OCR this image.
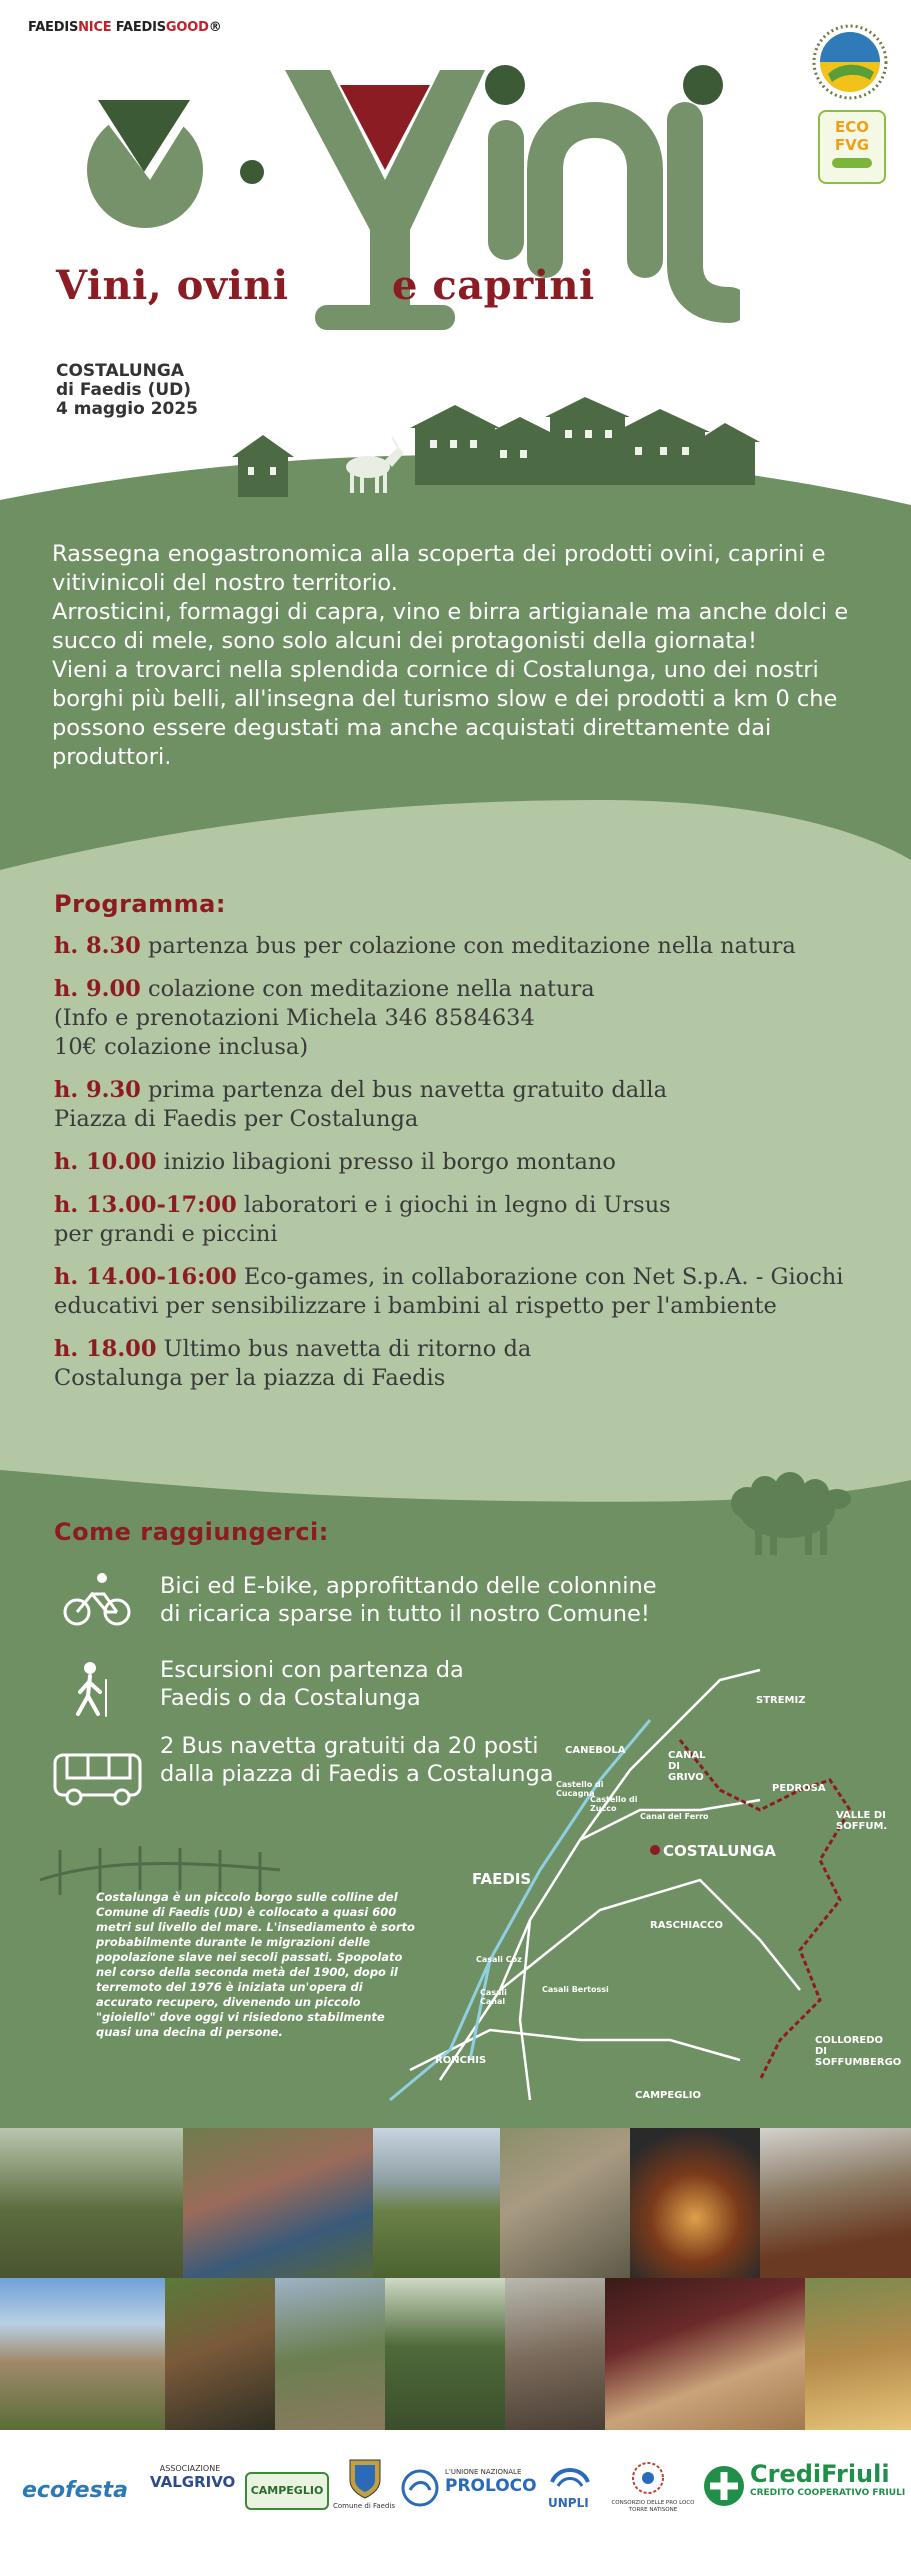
FAEDISNICE FAEDISGOOD®
Vini, ovini	e caprini
COSTALUNGA
di Faedis (UD)
4 maggio 2025
ECO
FVG

Rassegna enogastronomica alla scoperta dei prodotti ovini, caprini e vitivinicoli del nostro territorio.

Arrosticini, formaggi di capra, vino e birra artigianale ma anche dolci e succo di mele, sono solo alcuni dei protagonisti della giornata!

Vieni a trovarci nella splendida cornice di Costalunga, uno dei nostri borghi più belli, all'insegna del turismo slow e dei prodotti a km 0 che possono essere degustati ma anche acquistati direttamente dai produttori.

Programma:
h. 8.30 partenza bus per colazione con meditazione nella natura
h. 9.00 colazione con meditazione nella natura
(Info e prenotazioni Michela 346 8584634 10€ colazione inclusa)
h. 9.30 prima partenza del bus navetta gratuito dalla Piazza di Faedis per Costalunga
h. 10.00 inizio libagioni presso il borgo montano
h. 13.00-17:00 laboratori e i giochi in legno di Ursus per grandi e piccini
h. 14.00-16:00 Eco-games, in collaborazione con Net S.p.A. - Giochi educativi per sensibilizzare i bambini al rispetto per l'ambiente
h. 18.00 Ultimo bus navetta di ritorno da Costalunga per la piazza di Faedis
Come raggiungerci:
Bici ed E-bike, approfittando delle colonnine di ricarica sparse in tutto il nostro Comune!
Escursioni con partenza da Faedis o da Costalunga
2 Bus navetta gratuiti da 20 posti dalla piazza di Faedis a Costalunga
Costalunga è un piccolo borgo sulle colline del Comune di Faedis (UD) è collocato a quasi 600 metri sul livello del mare. L'insediamento è sorto probabilmente durante le migrazioni delle popolazione slave nei secoli passati. Spopolato nel corso della seconda metà del 1900, dopo il terremoto del 1976 è iniziata un'opera di accurato recupero, divenendo un piccolo "gioiello" dove oggi vi risiedono stabilmente quasi una decina di persone.
STREMIZ
CANEBOLA	CANAL DI GRIVO
PEDROSA
VALLE DI SOFFUM.
COSTALUNGA
FAEDIS
RASCHIACCO
RONCHIS
CAMPEGLIO
COLLOREDO DI SOFFUMBERGO
Castello di Cucagna
Castello di Zucco
Canal del Ferro
Casali Bertossi
Casali Coz
Casali Canal
ecofesta
ASSOCIAZIONE
VALGRIVO	CAMPEGLIO
Comune di Faedis
L'UNIONE NAZIONALE
PROLOCO
UNPLI	CONSORZIO DELLE PRO LOCO TORRE NATISONE
CrediFriuli
CREDITO COOPERATIVO FRIULI
